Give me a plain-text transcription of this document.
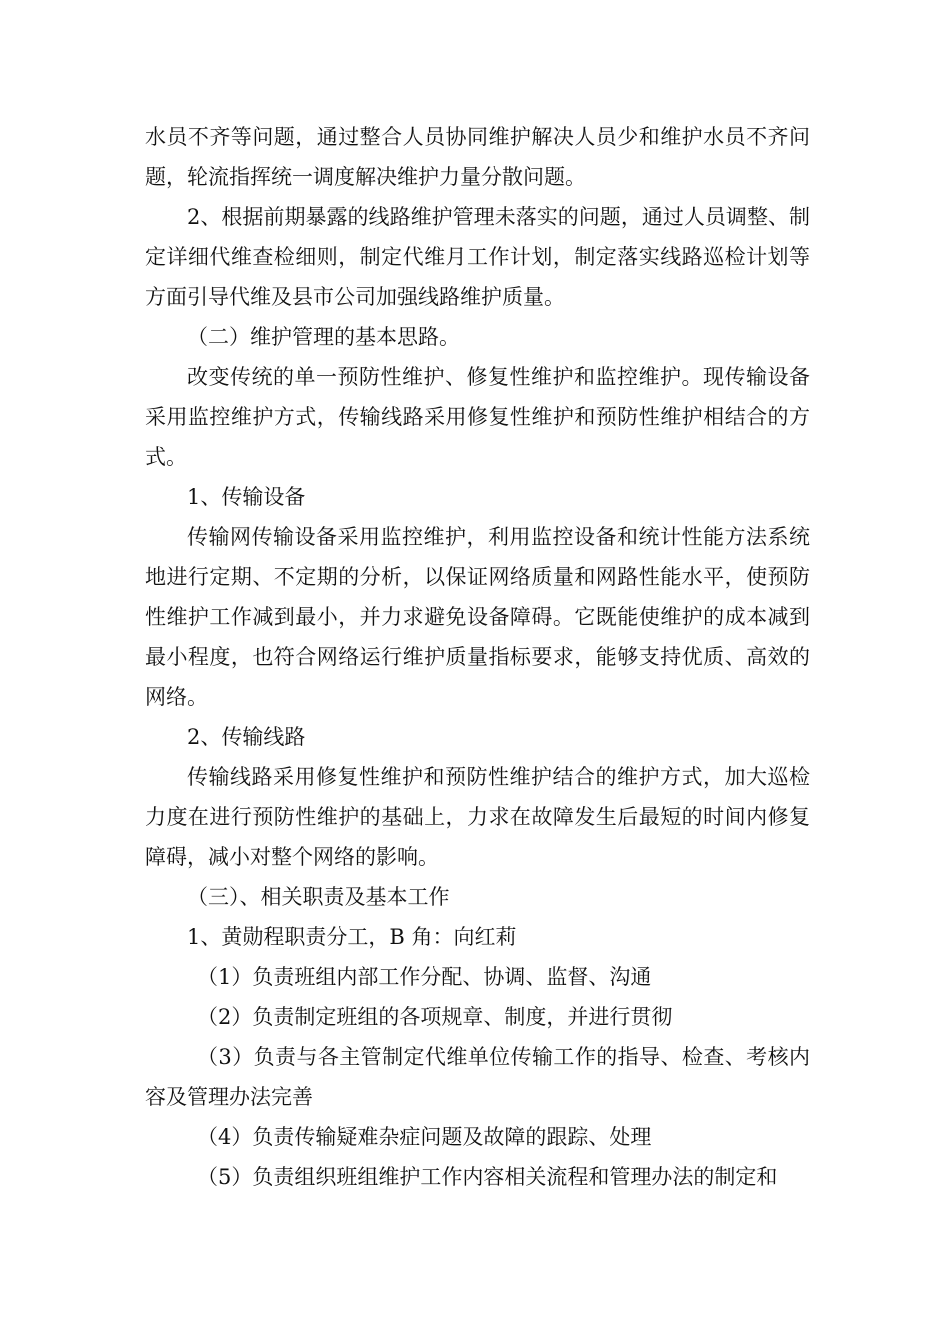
水员不齐等问题，通过整合人员协同维护解决人员少和维护水员不齐问题，轮流指挥统一调度解决维护力量分散问题。

2、根据前期暴露的线路维护管理未落实的问题，通过人员调整、制定详细代维查检细则，制定代维月工作计划，制定落实线路巡检计划等方面引导代维及县市公司加强线路维护质量。

（二）维护管理的基本思路。

改变传统的单一预防性维护、修复性维护和监控维护。现传输设备采用监控维护方式，传输线路采用修复性维护和预防性维护相结合的方式。

1、传输设备

传输网传输设备采用监控维护，利用监控设备和统计性能方法系统地进行定期、不定期的分析，以保证网络质量和网路性能水平，使预防性维护工作减到最小，并力求避免设备障碍。它既能使维护的成本减到最小程度，也符合网络运行维护质量指标要求，能够支持优质、高效的网络。

2、传输线路

传输线路采用修复性维护和预防性维护结合的维护方式，加大巡检力度在进行预防性维护的基础上，力求在故障发生后最短的时间内修复障碍，减小对整个网络的影响。

（三）、相关职责及基本工作

1、黄勋程职责分工，B 角：向红莉

（1）负责班组内部工作分配、协调、监督、沟通

（2）负责制定班组的各项规章、制度，并进行贯彻

（3）负责与各主管制定代维单位传输工作的指导、检查、考核内容及管理办法完善

（4）负责传输疑难杂症问题及故障的跟踪、处理

（5）负责组织班组维护工作内容相关流程和管理办法的制定和
